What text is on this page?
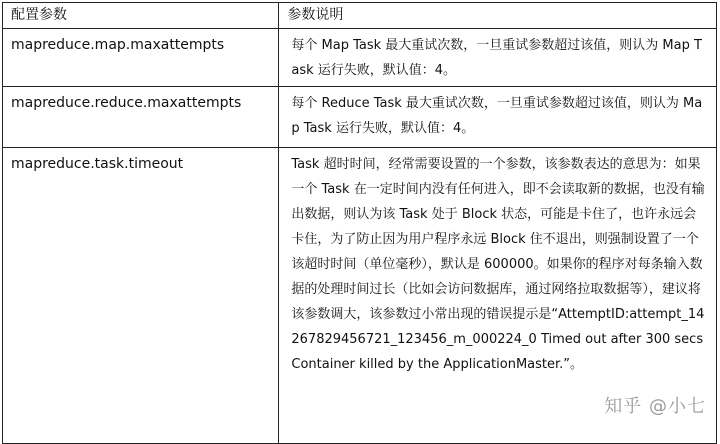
配置参数	参数说明
mapreduce.map.maxattempts	每个 Map Task 最大重试次数，一旦重试参数超过该值，则认为 Map Task 运行失败，默认值：4。
mapreduce.reduce.maxattempts	每个 Reduce Task 最大重试次数，一旦重试参数超过该值，则认为 Map Task 运行失败，默认值：4。
mapreduce.task.timeout	Task 超时时间，经常需要设置的一个参数，该参数表达的意思为：如果一个 Task 在一定时间内没有任何进入，即不会读取新的数据，也没有输出数据，则认为该 Task 处于 Block 状态，可能是卡住了，也许永远会卡住，为了防止因为用户程序永远 Block 住不退出，则强制设置了一个该超时时间（单位毫秒），默认是 600000。如果你的程序对每条输入数据的处理时间过长（比如会访问数据库，通过网络拉取数据等），建议将该参数调大，该参数过小常出现的错误提示是“AttemptID:attempt_14267829456721_123456_m_000224_0 Timed out after 300 secsContainer killed by the ApplicationMaster.”。
知乎 @小七
